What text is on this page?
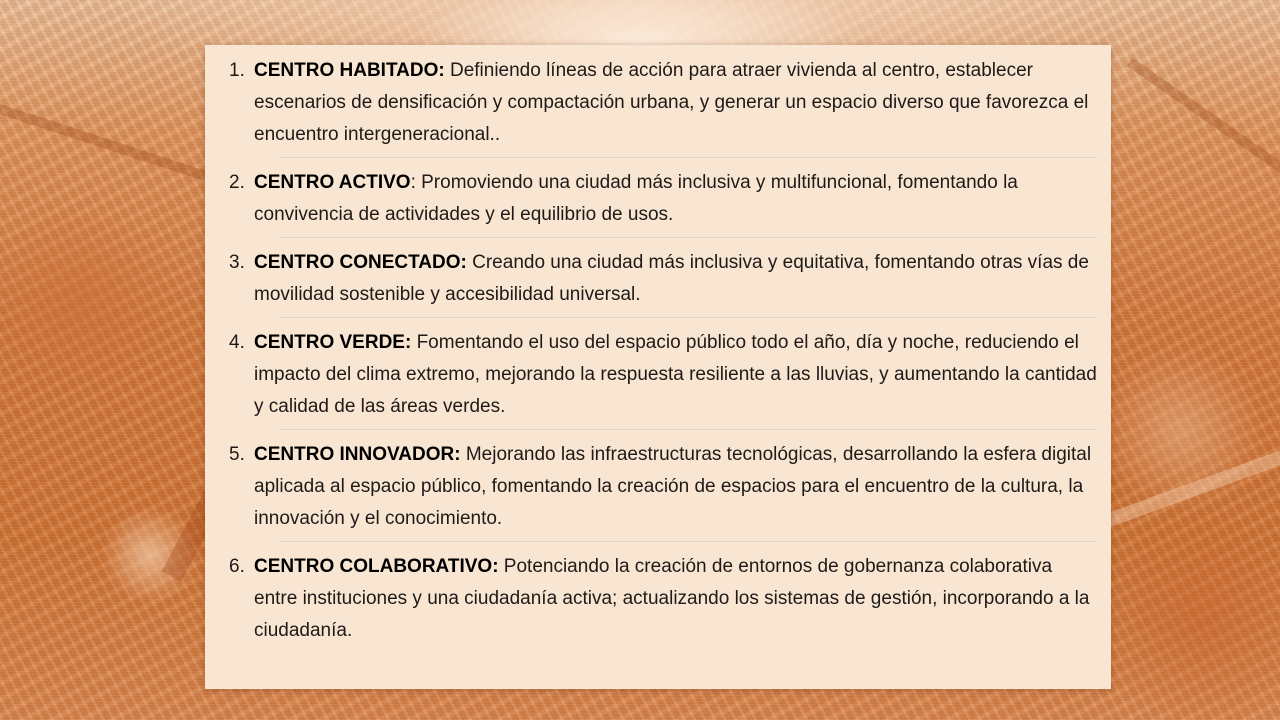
1. CENTRO HABITADO: Definiendo líneas de acción para atraer vivienda al centro, establecer escenarios de densificación y compactación urbana, y generar un espacio diverso que favorezca el encuentro intergeneracional..
2. CENTRO ACTIVO: Promoviendo una ciudad más inclusiva y multifuncional, fomentando la convivencia de actividades y el equilibrio de usos.
3. CENTRO CONECTADO: Creando una ciudad más inclusiva y equitativa, fomentando otras vías de movilidad sostenible y accesibilidad universal.
4. CENTRO VERDE: Fomentando el uso del espacio público todo el año, día y noche, reduciendo el impacto del clima extremo, mejorando la respuesta resiliente a las lluvias, y aumentando la cantidad y calidad de las áreas verdes.
5. CENTRO INNOVADOR: Mejorando las infraestructuras tecnológicas, desarrollando la esfera digital aplicada al espacio público, fomentando la creación de espacios para el encuentro de la cultura, la innovación y el conocimiento.
6. CENTRO COLABORATIVO: Potenciando la creación de entornos de gobernanza colaborativa entre instituciones y una ciudadanía activa; actualizando los sistemas de gestión, incorporando a la ciudadanía.
